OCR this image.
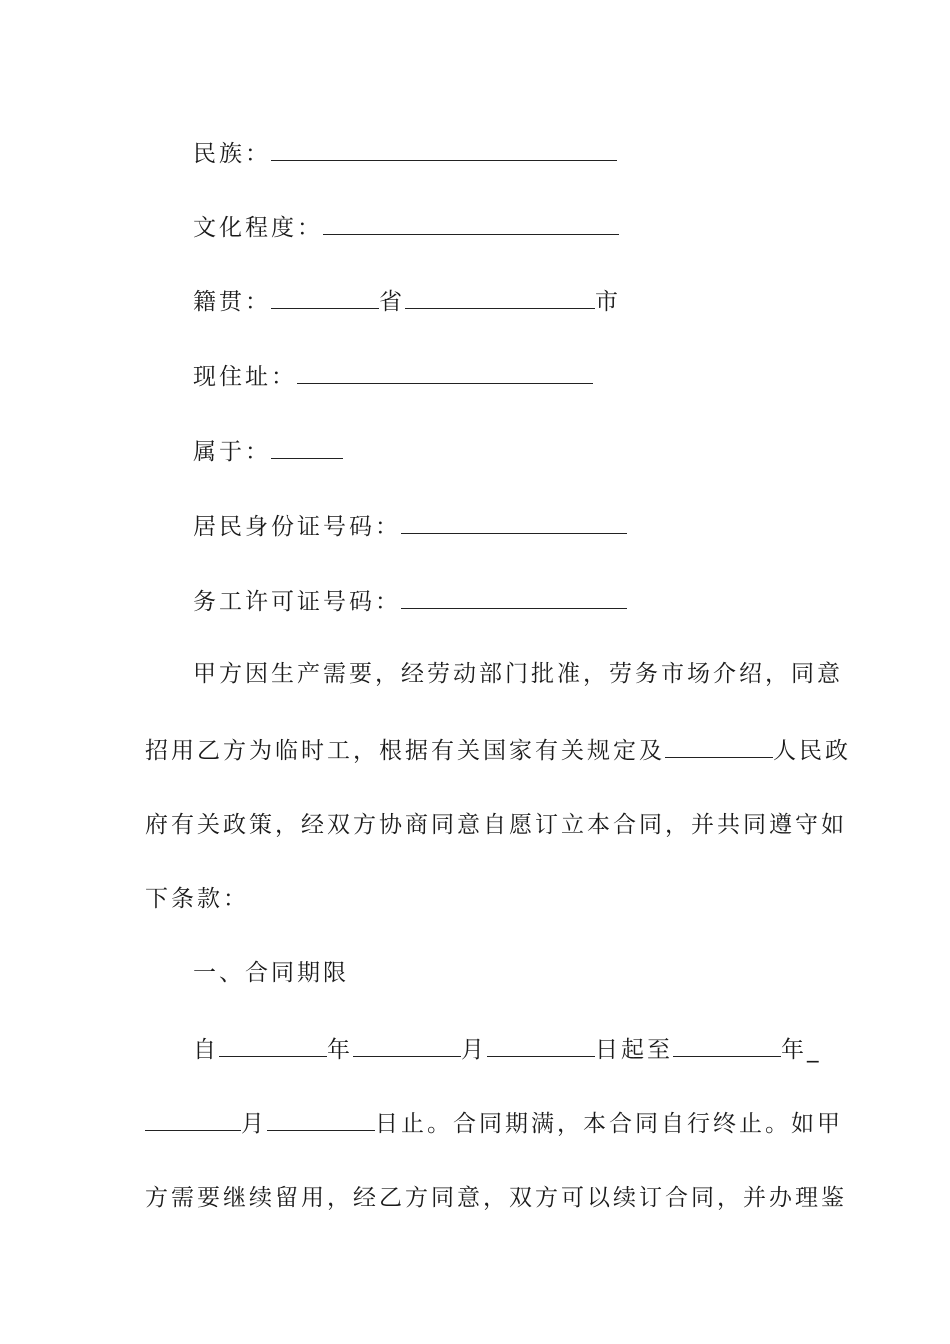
民族：
文化程度：
籍贯：	省	市
现住址：
属于：
居民身份证号码：
务工许可证号码：
甲方因生产需要，经劳动部门批准，劳务市场介绍，同意
招用乙方为临时工，根据有关国家有关规定及	人民政
府有关政策，经双方协商同意自愿订立本合同，并共同遵守如
下条款：
一、合同期限
自	年	月	日起至	年_
月	日止。合同期满，本合同自行终止。如甲
方需要继续留用，经乙方同意，双方可以续订合同，并办理鉴
